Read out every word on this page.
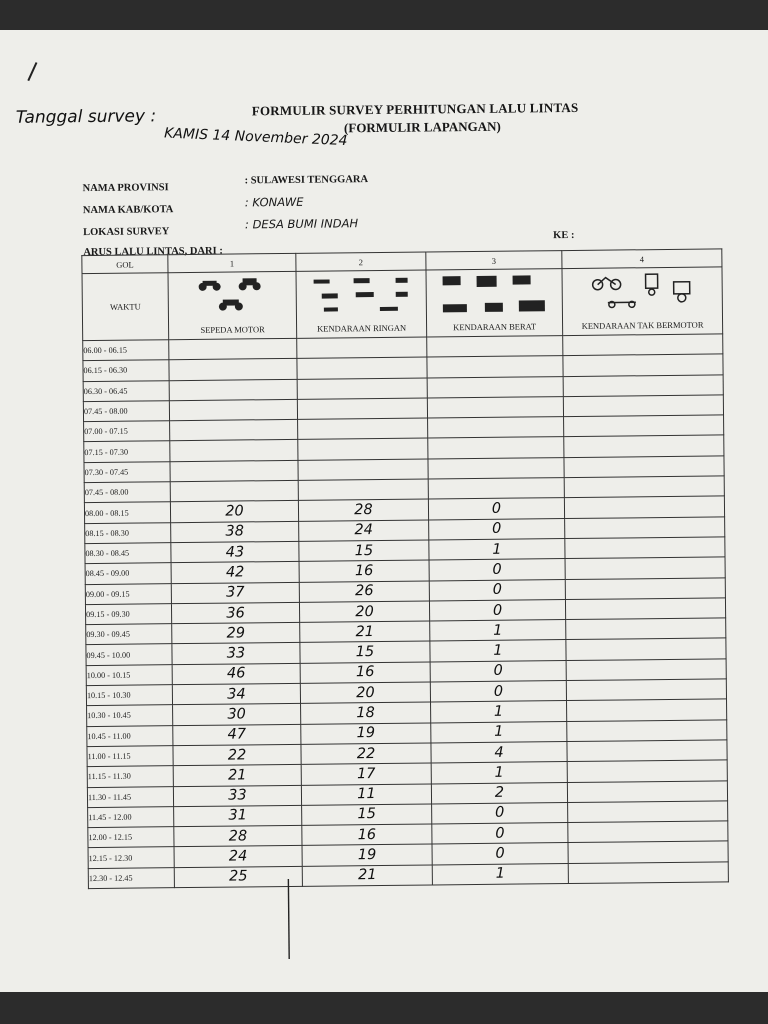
Tanggal survey :
KAMIS 14 November 2024
FORMULIR SURVEY PERHITUNGAN LALU LINTAS
(FORMULIR LAPANGAN)
NAMA PROVINSI
: SULAWESI TENGGARA
NAMA KAB/KOTA
: KONAWE
LOKASI SURVEY
: DESA BUMI INDAH
ARUS LALU LINTAS, DARI :
KE :
GOL	1	2	3	4
WAKTU	SEPEDA MOTOR	KENDARAAN RINGAN	KENDARAAN BERAT	KENDARAAN TAK BERMOTOR

06.00 - 06.15				
06.15 - 06.30				
06.30 - 06.45				
07.45 - 08.00				
07.00 - 07.15				
07.15 - 07.30				
07.30 - 07.45				
07.45 - 08.00				
08.00 - 08.15	20	28	0	
08.15 - 08.30	38	24	0	
08.30 - 08.45	43	15	1	
08.45 - 09.00	42	16	0	
09.00 - 09.15	37	26	0	
09.15 - 09.30	36	20	0	
09.30 - 09.45	29	21	1	
09.45 - 10.00	33	15	1	
10.00 - 10.15	46	16	0	
10.15 - 10.30	34	20	0	
10.30 - 10.45	30	18	1	
10.45 - 11.00	47	19	1	
11.00 - 11.15	22	22	4	
11.15 - 11.30	21	17	1	
11.30 - 11.45	33	11	2	
11.45 - 12.00	31	15	0	
12.00 - 12.15	28	16	0	
12.15 - 12.30	24	19	0	
12.30 - 12.45	25	21	1	
